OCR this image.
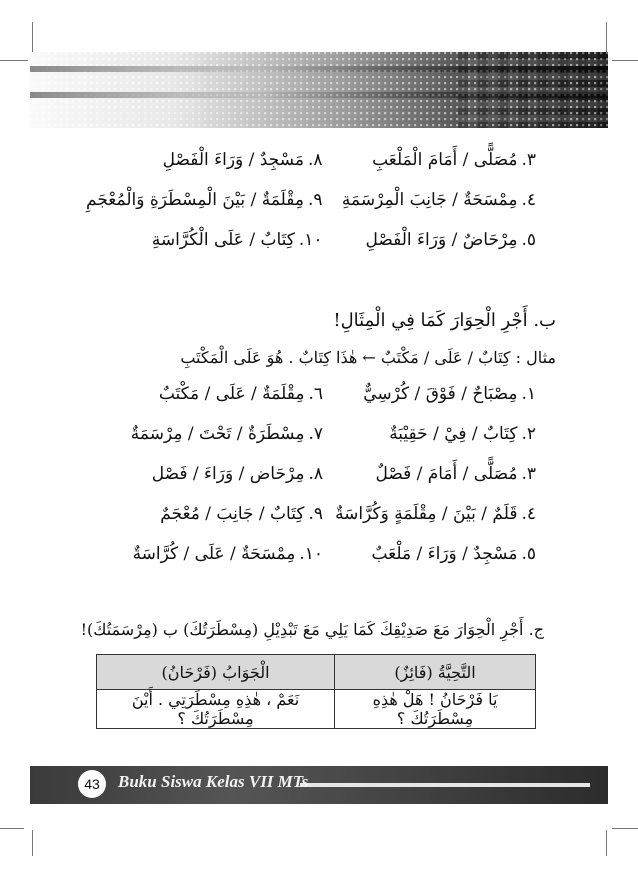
٣.مُصَلًّى / أَمَامَ الْمَلْعَبِ
٨.مَسْجِدٌ / وَرَاءَ الْفَصْلِ
٤.مِمْسَحَةٌ / جَانِبَ الْمِرْسَمَةِ
٩.مِقْلَمَةٌ / بَيْنَ الْمِسْطَرَةِ وَالْمُعْجَمِ
٥.مِرْحَاضٌ / وَرَاءَ الْفَصْلِ
١٠.كِتَابٌ / عَلَى الْكُرَّاسَةِ
ب. أَجْرِ الْحِوَارَ كَمَا فِي الْمِثَالِ!
مثال : كِتَابٌ / عَلَى / مَكْتَبٌ ← هٰذَا كِتَابٌ . هُوَ عَلَى الْمَكْتَبِ
١.مِصْبَاحٌ / فَوْقَ / كُرْسِيٌّ
٦.مِقْلَمَةٌ / عَلَى / مَكْتَبٌ
٢.كِتَابٌ / فِيْ / حَقِيْبَةٌ
٧.مِسْطَرَةٌ / تَحْتَ / مِرْسَمَةٌ
٣.مُصَلًّى / أَمَامَ / فَصْلٌ
٨.مِرْحَاض / وَرَاءَ / فَصْل
٤.قَلَمٌ / بَيْنَ / مِقْلَمَةٍ وَكُرَّاسَةٌ
٩.كِتَابٌ / جَانِبَ / مُعْجَمٌ
٥.مَسْجِدٌ / وَرَاءَ / مَلْعَبٌ
١٠.مِمْسَحَةٌ / عَلَى / كُرَّاسَةٌ
ج. أَجْرِ الْحِوَارَ مَعَ صَدِيْقِكَ كَمَا يَلِي مَعَ تَبْدِيْلِ (مِسْطَرَتُكَ) ب (مِرْسَمَتُكَ)!
التَّحِيَّةُ (فَائِزٌ)	الْجَوَابُ (فَرْحَانُ)
يَا فَرْحَانُ ! هَلْ هٰذِهِ مِسْطَرَتُكَ ؟	نَعَمْ ، هٰذِهِ مِسْطَرَتِي . أَيْنَ مِسْطَرَتُكَ ؟
43	Buku Siswa Kelas VII MTs
